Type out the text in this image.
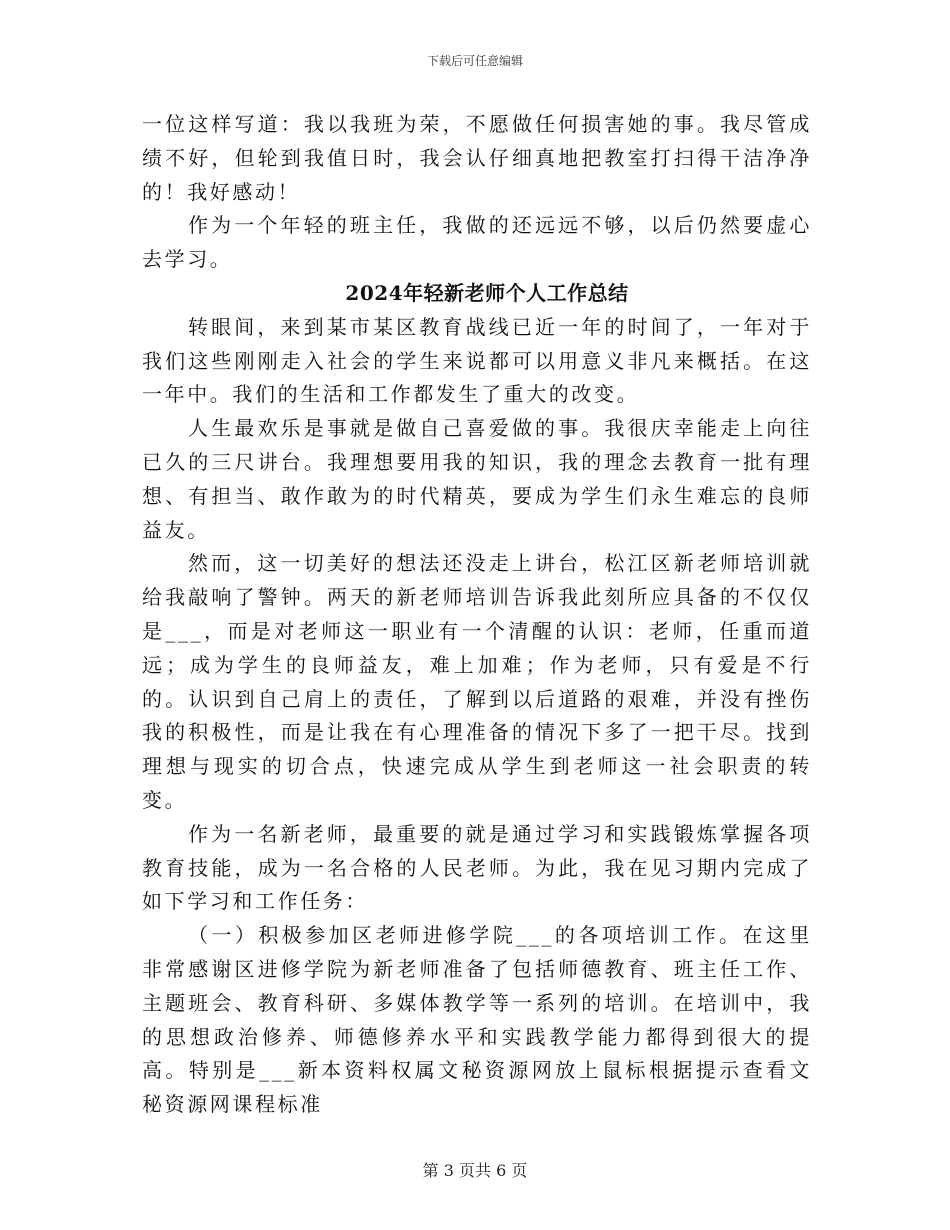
下载后可任意编辑

一位这样写道：我以我班为荣，不愿做任何损害她的事。我尽管成绩不好，但轮到我值日时，我会认仔细真地把教室打扫得干洁净净的！我好感动！

作为一个年轻的班主任，我做的还远远不够，以后仍然要虚心去学习。

2024年轻新老师个人工作总结

转眼间，来到某市某区教育战线已近一年的时间了，一年对于我们这些刚刚走入社会的学生来说都可以用意义非凡来概括。在这一年中。我们的生活和工作都发生了重大的改变。

人生最欢乐是事就是做自己喜爱做的事。我很庆幸能走上向往已久的三尺讲台。我理想要用我的知识，我的理念去教育一批有理想、有担当、敢作敢为的时代精英，要成为学生们永生难忘的良师益友。

然而，这一切美好的想法还没走上讲台，松江区新老师培训就给我敲响了警钟。两天的新老师培训告诉我此刻所应具备的不仅仅是___，而是对老师这一职业有一个清醒的认识：老师，任重而道远；成为学生的良师益友，难上加难；作为老师，只有爱是不行的。认识到自己肩上的责任，了解到以后道路的艰难，并没有挫伤我的积极性，而是让我在有心理准备的情况下多了一把干尽。找到理想与现实的切合点，快速完成从学生到老师这一社会职责的转变。

作为一名新老师，最重要的就是通过学习和实践锻炼掌握各项教育技能，成为一名合格的人民老师。为此，我在见习期内完成了如下学习和工作任务：

（一）积极参加区老师进修学院___的各项培训工作。在这里非常感谢区进修学院为新老师准备了包括师德教育、班主任工作、主题班会、教育科研、多媒体教学等一系列的培训。在培训中，我的思想政治修养、师德修养水平和实践教学能力都得到很大的提高。特别是___新本资料权属文秘资源网放上鼠标根据提示查看文秘资源网课程标准

第 3 页共 6 页
